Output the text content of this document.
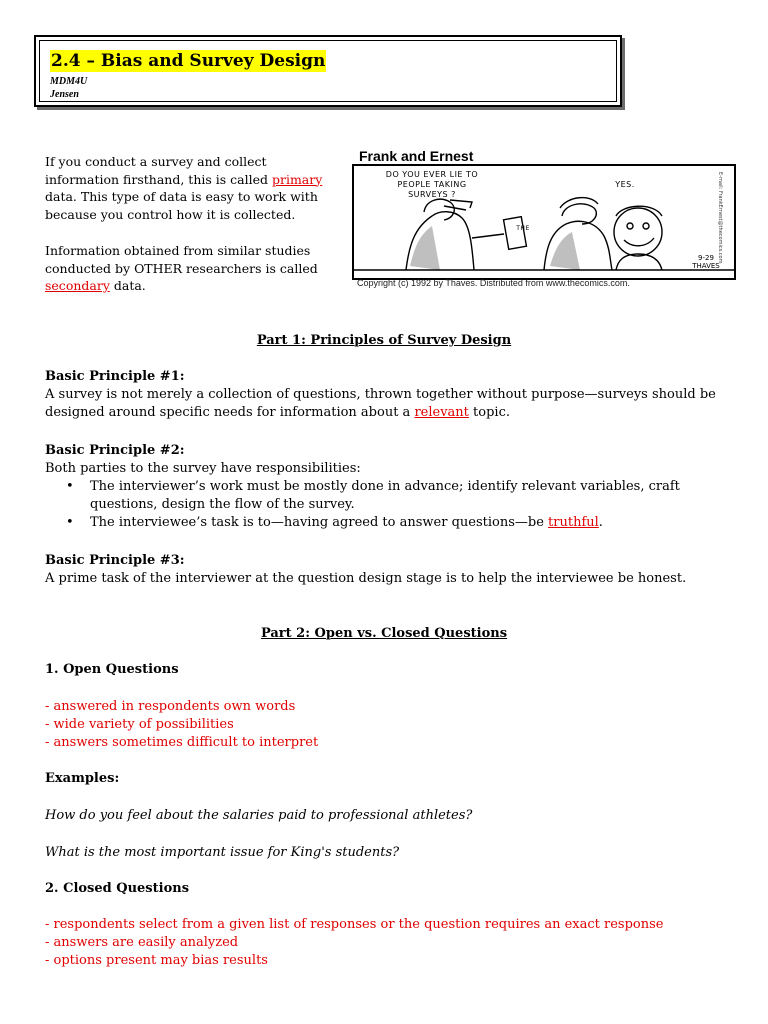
2.4 – Bias and Survey Design
MDM4U
Jensen
If you conduct a survey and collect information firsthand, this is called primary data. This type of data is easy to work with because you control how it is collected.
Information obtained from similar studies conducted by OTHER researchers is called secondary data.
Frank and Ernest
DO YOU EVER LIE TO PEOPLE TAKING SURVEYS ?
YES.
THE
9-29
THAVES
E-mail: FrankErnest@thecomics.com
Copyright (c) 1992 by Thaves. Distributed from www.thecomics.com.
Part 1: Principles of Survey Design
Basic Principle #1:
A survey is not merely a collection of questions, thrown together without purpose—surveys should be designed around specific needs for information about a relevant topic.
Basic Principle #2:
Both parties to the survey have responsibilities:
• The interviewer’s work must be mostly done in advance; identify relevant variables, craft questions, design the flow of the survey.
• The interviewee’s task is to—having agreed to answer questions—be truthful.
Basic Principle #3:
A prime task of the interviewer at the question design stage is to help the interviewee be honest.
Part 2: Open vs. Closed Questions
1. Open Questions
- answered in respondents own words
- wide variety of possibilities
- answers sometimes difficult to interpret
Examples:
How do you feel about the salaries paid to professional athletes?
What is the most important issue for King's students?
2. Closed Questions
- respondents select from a given list of responses or the question requires an exact response
- answers are easily analyzed
- options present may bias results
